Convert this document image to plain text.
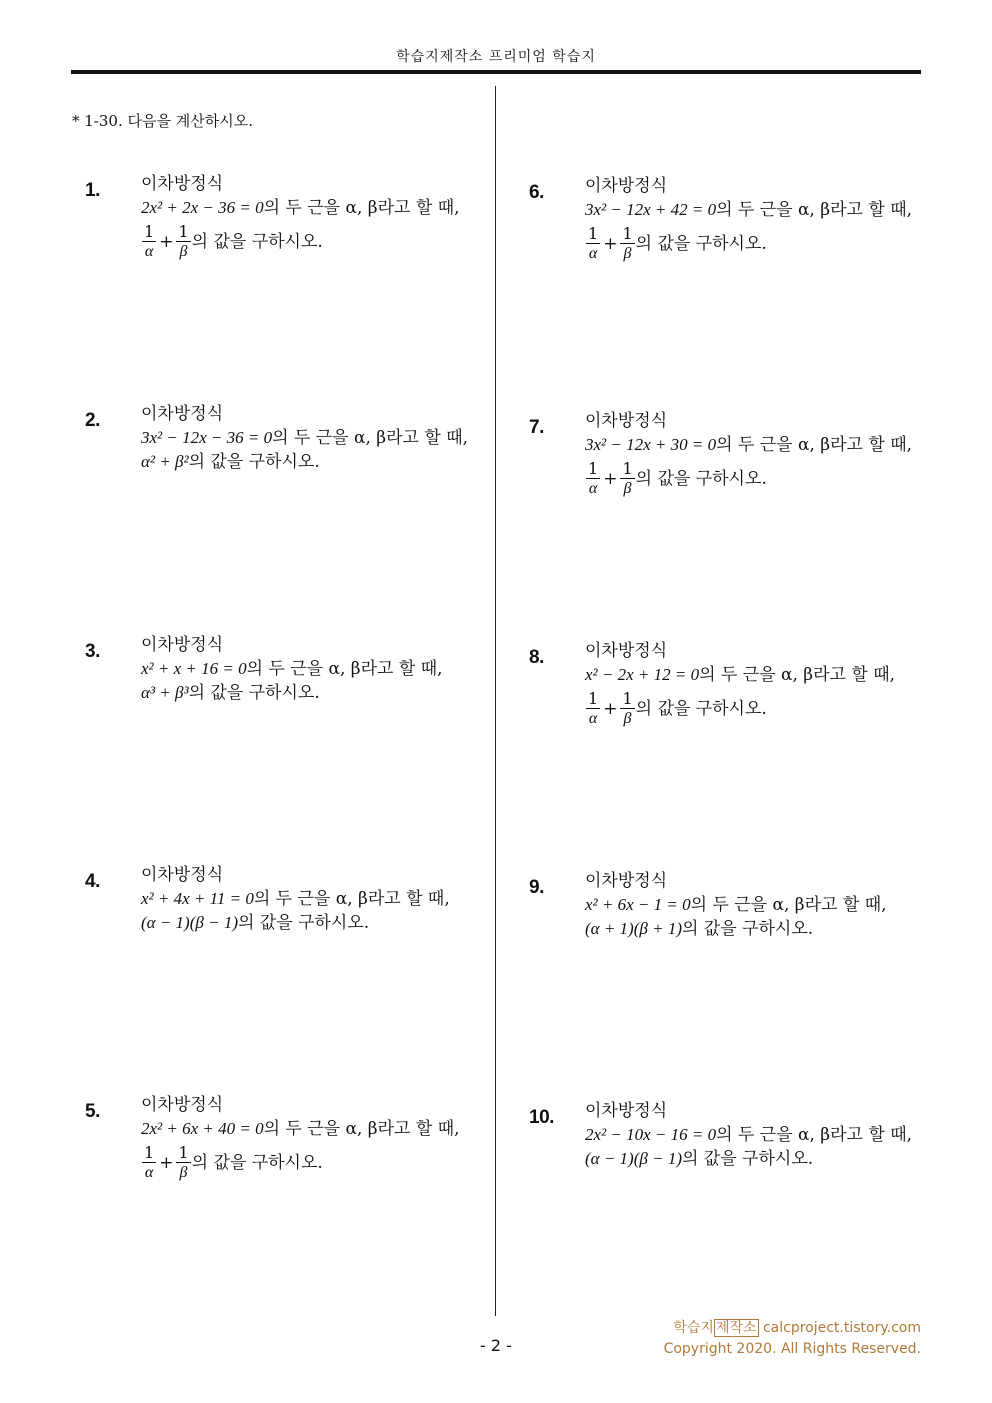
학습지제작소 프리미엄 학습지
* 1-30. 다음을 계산하시오.
1. 이차방정식
2x² + 2x − 36 = 0의 두 근을 α, β라고 할 때,
$\frac{1}{\alpha} + \frac{1}{\beta}$ 의 값을 구하시오.
2. 이차방정식
3x² − 12x − 36 = 0의 두 근을 α, β라고 할 때,
α² + β²의 값을 구하시오.
3. 이차방정식
x² + x + 16 = 0의 두 근을 α, β라고 할 때,
α³ + β³의 값을 구하시오.
4. 이차방정식
x² + 4x + 11 = 0의 두 근을 α, β라고 할 때,
(α − 1)(β − 1)의 값을 구하시오.
5. 이차방정식
2x² + 6x + 40 = 0의 두 근을 α, β라고 할 때,
$\frac{1}{\alpha} + \frac{1}{\beta}$ 의 값을 구하시오.
6. 이차방정식
3x² − 12x + 42 = 0의 두 근을 α, β라고 할 때,
$\frac{1}{\alpha} + \frac{1}{\beta}$ 의 값을 구하시오.
7. 이차방정식
3x² − 12x + 30 = 0의 두 근을 α, β라고 할 때,
$\frac{1}{\alpha} + \frac{1}{\beta}$ 의 값을 구하시오.
8. 이차방정식
x² − 2x + 12 = 0의 두 근을 α, β라고 할 때,
$\frac{1}{\alpha} + \frac{1}{\beta}$ 의 값을 구하시오.
9. 이차방정식
x² + 6x − 1 = 0의 두 근을 α, β라고 할 때,
(α + 1)(β + 1)의 값을 구하시오.
10. 이차방정식
2x² − 10x − 16 = 0의 두 근을 α, β라고 할 때,
(α − 1)(β − 1)의 값을 구하시오.
- 2 -
학습지 제작소 calcproject.tistory.com
Copyright 2020. All Rights Reserved.
